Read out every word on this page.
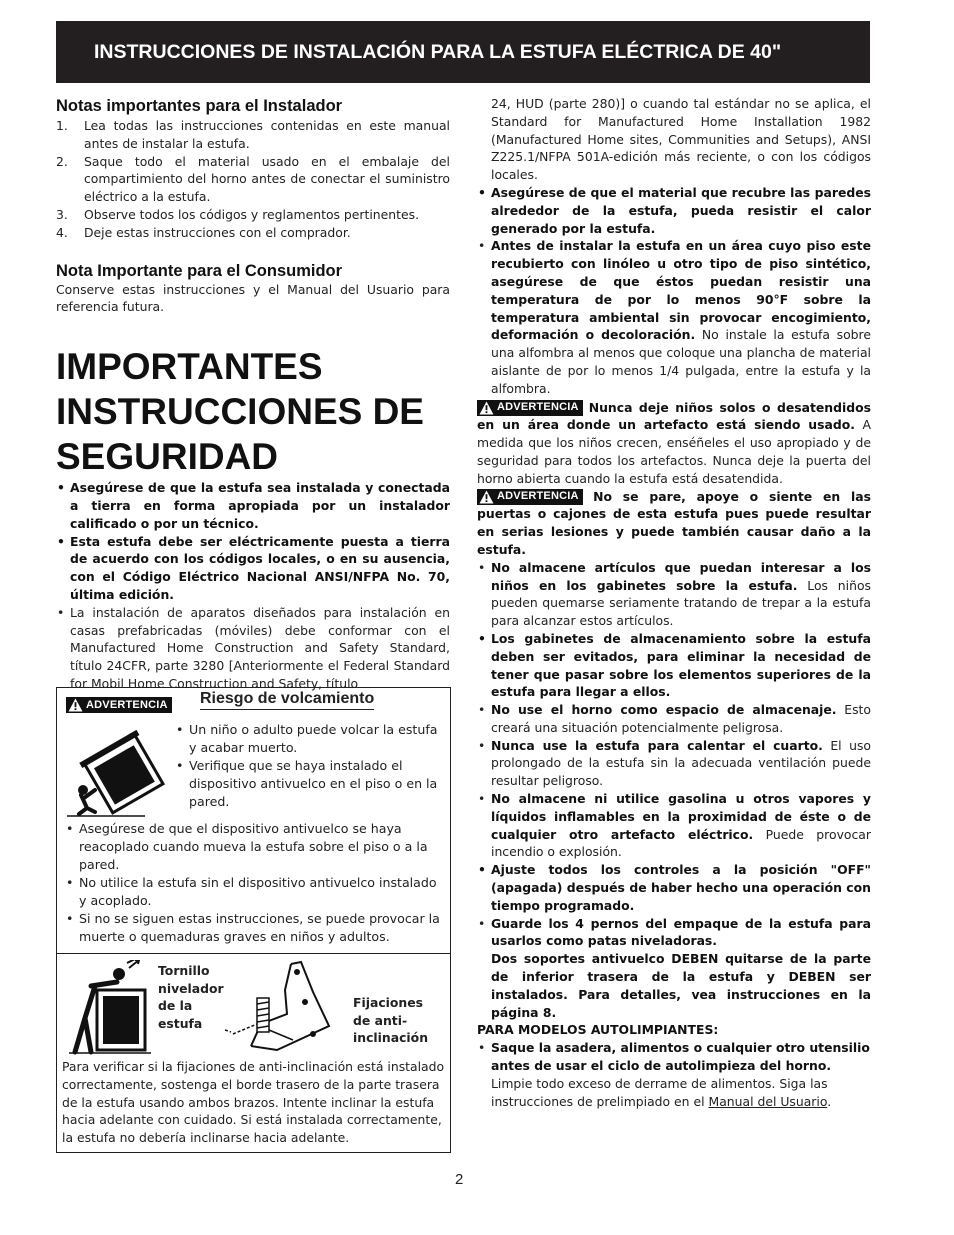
INSTRUCCIONES DE INSTALACIÓN PARA LA ESTUFA ELÉCTRICA DE 40"
Notas importantes para el Instalador
1. Lea todas las instrucciones contenidas en este manual antes de instalar la estufa.
2. Saque todo el material usado en el embalaje del compartimiento del horno antes de conectar el suministro eléctrico a la estufa.
3. Observe todos los códigos y reglamentos pertinentes.
4. Deje estas instrucciones con el comprador.
Nota Importante para el Consumidor
Conserve estas instrucciones y el Manual del Usuario para referencia futura.
IMPORTANTES
INSTRUCCIONES DE
SEGURIDAD
• Asegúrese de que la estufa sea instalada y conectada a tierra en forma apropiada por un instalador calificado o por un técnico.
• Esta estufa debe ser eléctricamente puesta a tierra de acuerdo con los códigos locales, o en su ausencia, con el Código Eléctrico Nacional ANSI/NFPA No. 70, última edición.
• La instalación de aparatos diseñados para instalación en casas prefabricadas (móviles) debe conformar con el Manufactured Home Construction and Safety Standard, título 24CFR, parte 3280 [Anteriormente el Federal Standard for Mobil Home Construction and Safety, título
ADVERTENCIA Riesgo de volcamiento
• Un niño o adulto puede volcar la estufa y acabar muerto.
• Verifique que se haya instalado el dispositivo antivuelco en el piso o en la pared.
• Asegúrese de que el dispositivo antivuelco se haya reacoplado cuando mueva la estufa sobre el piso o a la pared.
• No utilice la estufa sin el dispositivo antivuelco instalado y acoplado.
• Si no se siguen estas instrucciones, se puede provocar la muerte o quemaduras graves en niños y adultos.
Tornillo nivelador de la estufa
Fijaciones de anti-inclinación
Para verificar si la fijaciones de anti-inclinación está instalado correctamente, sostenga el borde trasero de la parte trasera de la estufa usando ambos brazos. Intente inclinar la estufa hacia adelante con cuidado. Si está instalada correctamente, la estufa no debería inclinarse hacia adelante.
24, HUD (parte 280)] o cuando tal estándar no se aplica, el Standard for Manufactured Home Installation 1982 (Manufactured Home sites, Communities and Setups), ANSI Z225.1/NFPA 501A-edición más reciente, o con los códigos locales.
• Asegúrese de que el material que recubre las paredes alrededor de la estufa, pueda resistir el calor generado por la estufa.
• Antes de instalar la estufa en un área cuyo piso este recubierto con linóleo u otro tipo de piso sintético, asegúrese de que éstos puedan resistir una temperatura de por lo menos 90°F sobre la temperatura ambiental sin provocar encogimiento, deformación o decoloración. No instale la estufa sobre una alfombra al menos que coloque una plancha de material aislante de por lo menos 1/4 pulgada, entre la estufa y la alfombra.
ADVERTENCIA Nunca deje niños solos o desatendidos en un área donde un artefacto está siendo usado. A medida que los niños crecen, enséñeles el uso apropiado y de seguridad para todos los artefactos. Nunca deje la puerta del horno abierta cuando la estufa está desatendida.
ADVERTENCIA No se pare, apoye o siente en las puertas o cajones de esta estufa pues puede resultar en serias lesiones y puede también causar daño a la estufa.
• No almacene artículos que puedan interesar a los niños en los gabinetes sobre la estufa. Los niños pueden quemarse seriamente tratando de trepar a la estufa para alcanzar estos artículos.
• Los gabinetes de almacenamiento sobre la estufa deben ser evitados, para eliminar la necesidad de tener que pasar sobre los elementos superiores de la estufa para llegar a ellos.
• No use el horno como espacio de almacenaje. Esto creará una situación potencialmente peligrosa.
• Nunca use la estufa para calentar el cuarto. El uso prolongado de la estufa sin la adecuada ventilación puede resultar peligroso.
• No almacene ni utilice gasolina u otros vapores y líquidos inflamables en la proximidad de éste o de cualquier otro artefacto eléctrico. Puede provocar incendio o explosión.
• Ajuste todos los controles a la posición "OFF" (apagada) después de haber hecho una operación con tiempo programado.
• Guarde los 4 pernos del empaque de la estufa para usarlos como patas niveladoras.
Dos soportes antivuelco DEBEN quitarse de la parte de inferior trasera de la estufa y DEBEN ser instalados. Para detalles, vea instrucciones en la página 8.
PARA MODELOS AUTOLIMPIANTES:
• Saque la asadera, alimentos o cualquier otro utensilio antes de usar el ciclo de autolimpieza del horno. Limpie todo exceso de derrame de alimentos. Siga las instrucciones de prelimpiado en el Manual del Usuario.
2
